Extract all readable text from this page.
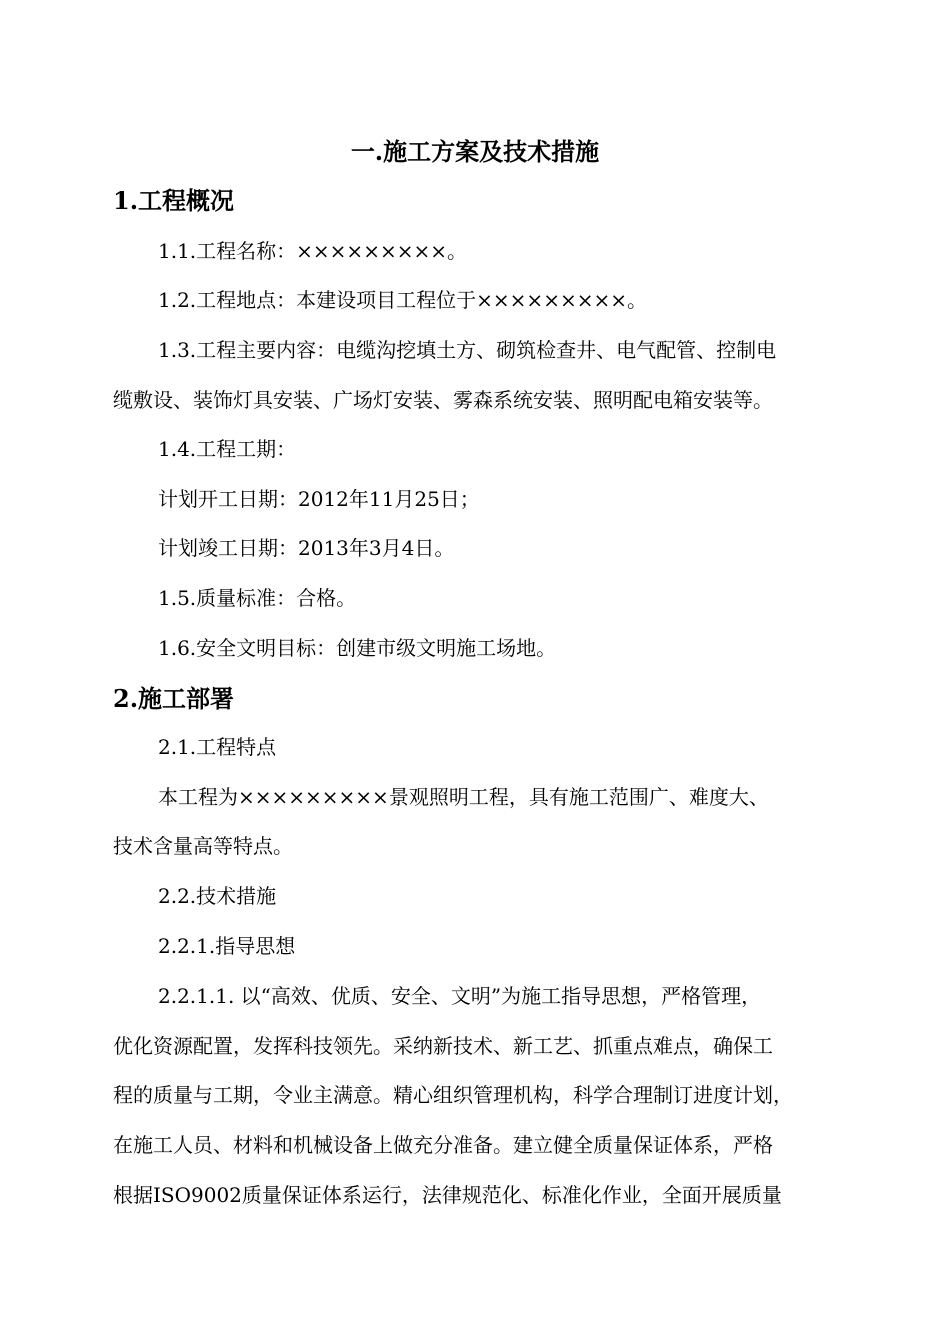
一.施工方案及技术措施
1.工程概况
1.1.工程名称：×××××××××。
1.2.工程地点：本建设项目工程位于×××××××××。
1.3.工程主要内容：电缆沟挖填土方、砌筑检查井、电气配管、控制电
缆敷设、装饰灯具安装、广场灯安装、雾森系统安装、照明配电箱安装等。
1.4.工程工期：
计划开工日期：2012年11月25日；
计划竣工日期：2013年3月4日。
1.5.质量标准：合格。
1.6.安全文明目标：创建市级文明施工场地。
2.施工部署
2.1.工程特点
本工程为×××××××××景观照明工程，具有施工范围广、难度大、
技术含量高等特点。
2.2.技术措施
2.2.1.指导思想
2.2.1.1. 以“高效、优质、安全、文明”为施工指导思想，严格管理，
优化资源配置，发挥科技领先。采纳新技术、新工艺、抓重点难点，确保工
程的质量与工期，令业主满意。精心组织管理机构，科学合理制订进度计划，
在施工人员、材料和机械设备上做充分准备。建立健全质量保证体系，严格
根据ISO9002质量保证体系运行，法律规范化、标准化作业，全面开展质量
